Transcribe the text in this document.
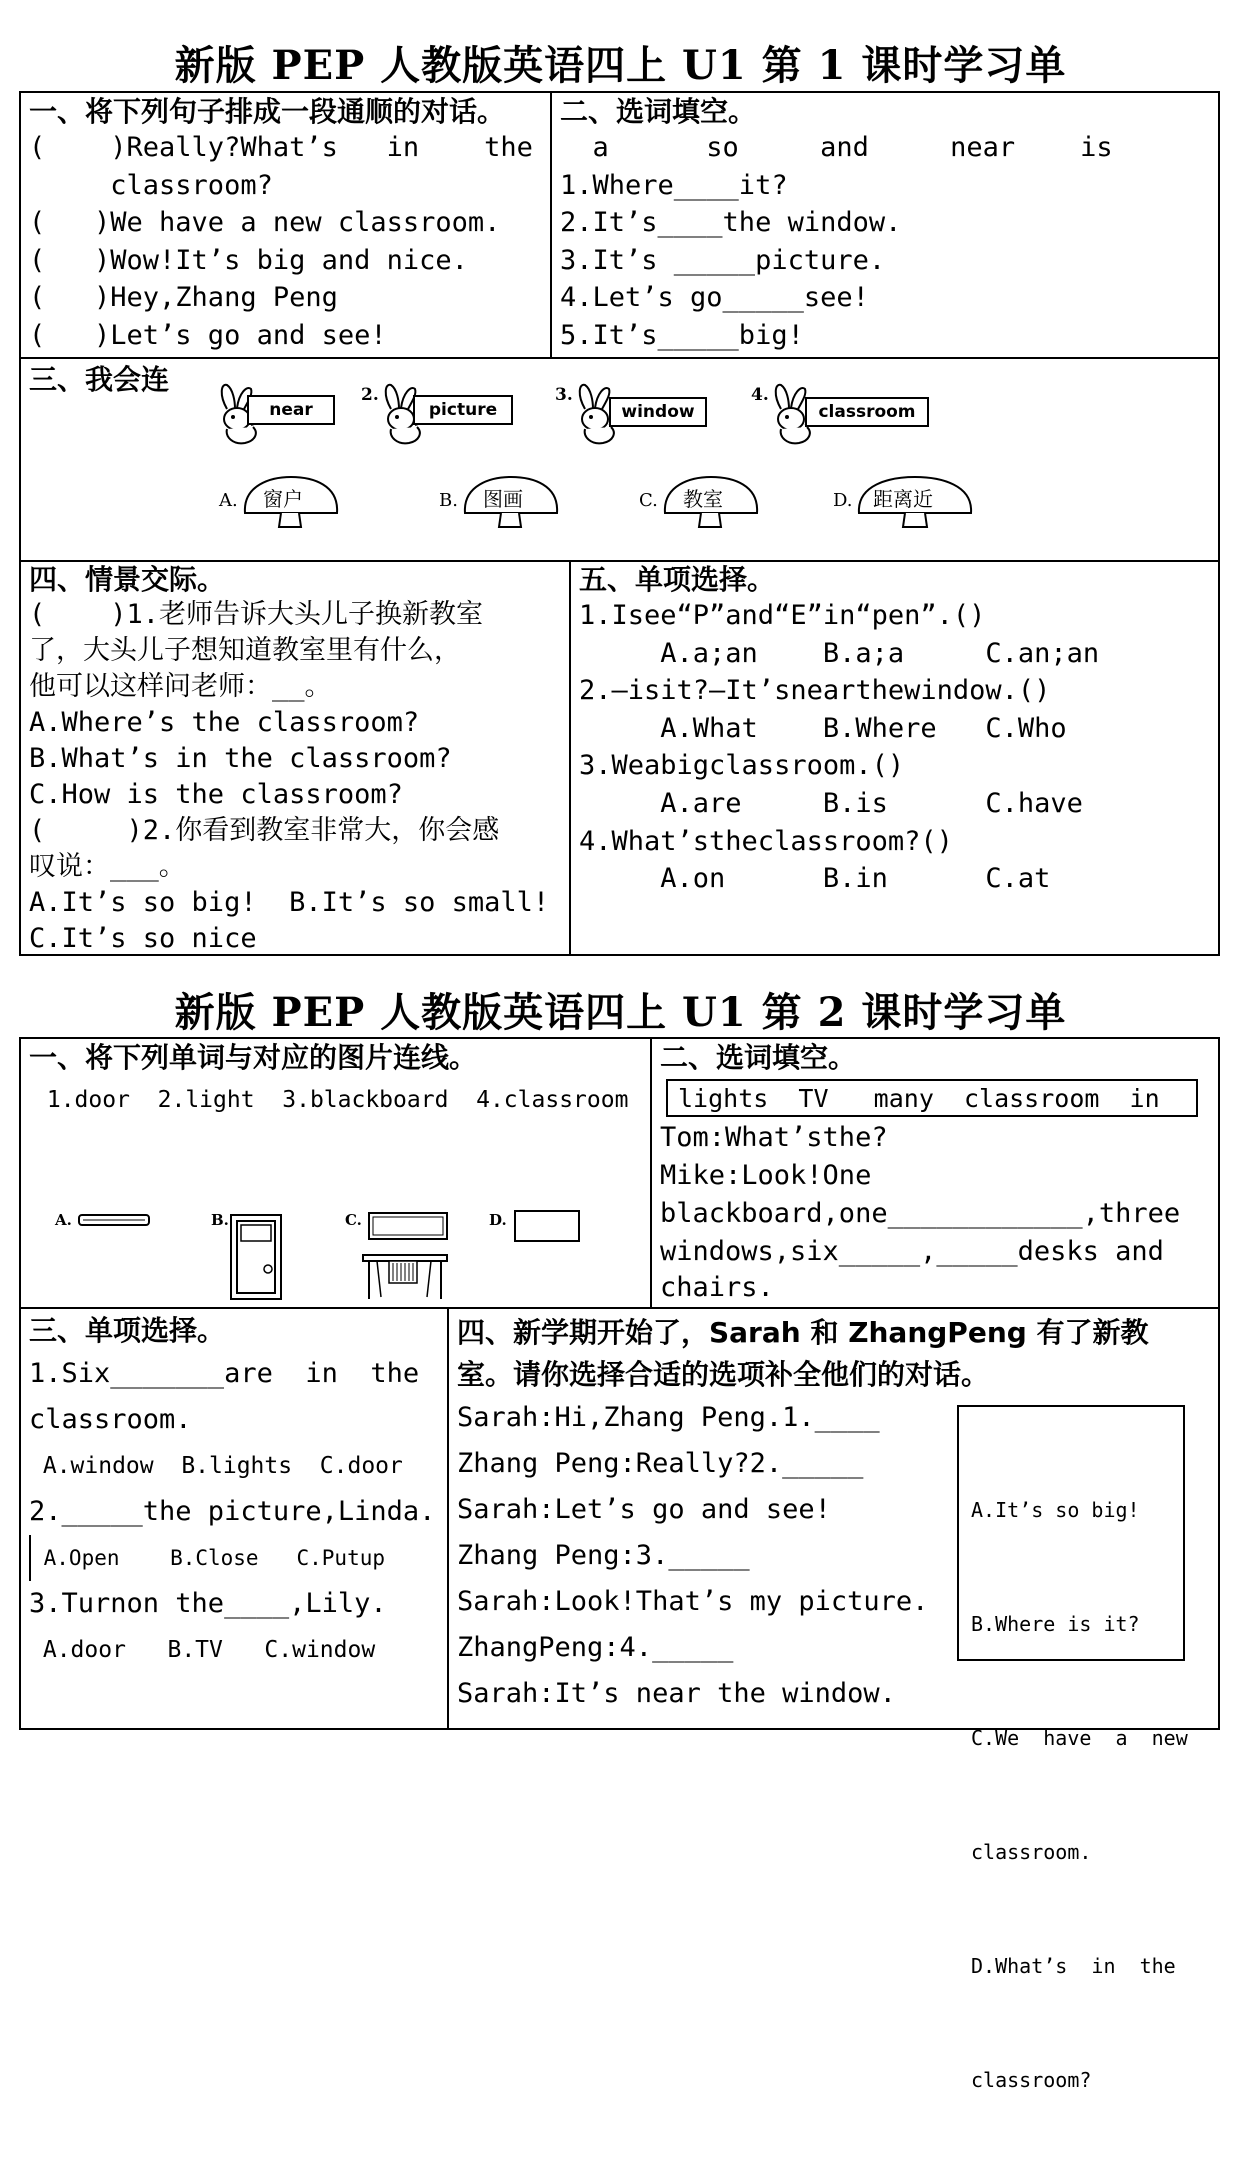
新版 PEP 人教版英语四上 U1 第 1 课时学习单
一、将下列句子排成一段通顺的对话。
(    )Really?What’s   in    the
classroom?
(   )We have a new classroom.
(   )Wow!It’s big and nice.
(   )Hey,Zhang Peng
(   )Let’s go and see!
二、选词填空。
a      so     and     near    is
1.Where____it?
2.It’s____the window.
3.It’s _____picture.
4.Let’s go_____see!
5.It’s_____big!
三、我会连
near
2.
picture
3.
window
4.
classroom
A. 窗户	B. 图画	C. 教室	D. 距离近
四、情景交际。
(    )1.老师告诉大头儿子换新教室
了，大头儿子想知道教室里有什么，
他可以这样问老师：__。
A.Where’s the classroom?
B.What’s in the classroom?
C.How is the classroom?
(     )2.你看到教室非常大，你会感
叹说：___。
A.It’s so big!  B.It’s so small!
C.It’s so nice
五、单项选择。
1.Isee“P”and“E”in“pen”.()
A.a;an    B.a;a     C.an;an
2.—isit?—It’snearthewindow.()
A.What    B.Where   C.Who
3.Weabigclassroom.()
A.are     B.is      C.have
4.What’stheclassroom?()
A.on      B.in      C.at
新版 PEP 人教版英语四上 U1 第 2 课时学习单
一、将下列单词与对应的图片连线。
1.door  2.light  3.blackboard  4.classroom
A.	B.	C.	D.
二、选词填空。
lights  TV   many  classroom  in
Tom:What’sthe?
Mike:Look!One
blackboard,one____________,three
windows,six_____,_____desks and
chairs.
三、单项选择。
1.Six_______are  in  the
classroom.
A.window  B.lights  C.door
2._____the picture,Linda.
A.Open    B.Close   C.Putup
3.Turnon the____,Lily.
A.door   B.TV   C.window
四、新学期开始了，Sarah 和 ZhangPeng 有了新教
室。请你选择合适的选项补全他们的对话。
Sarah:Hi,Zhang Peng.1.____
Zhang Peng:Really?2._____
Sarah:Let’s go and see!
Zhang Peng:3._____
Sarah:Look!That’s my picture.
ZhangPeng:4._____
Sarah:It’s near the window.

A.It’s so big!

B.Where is it?

C.We  have  a  new

classroom.

D.What’s  in  the

classroom?
